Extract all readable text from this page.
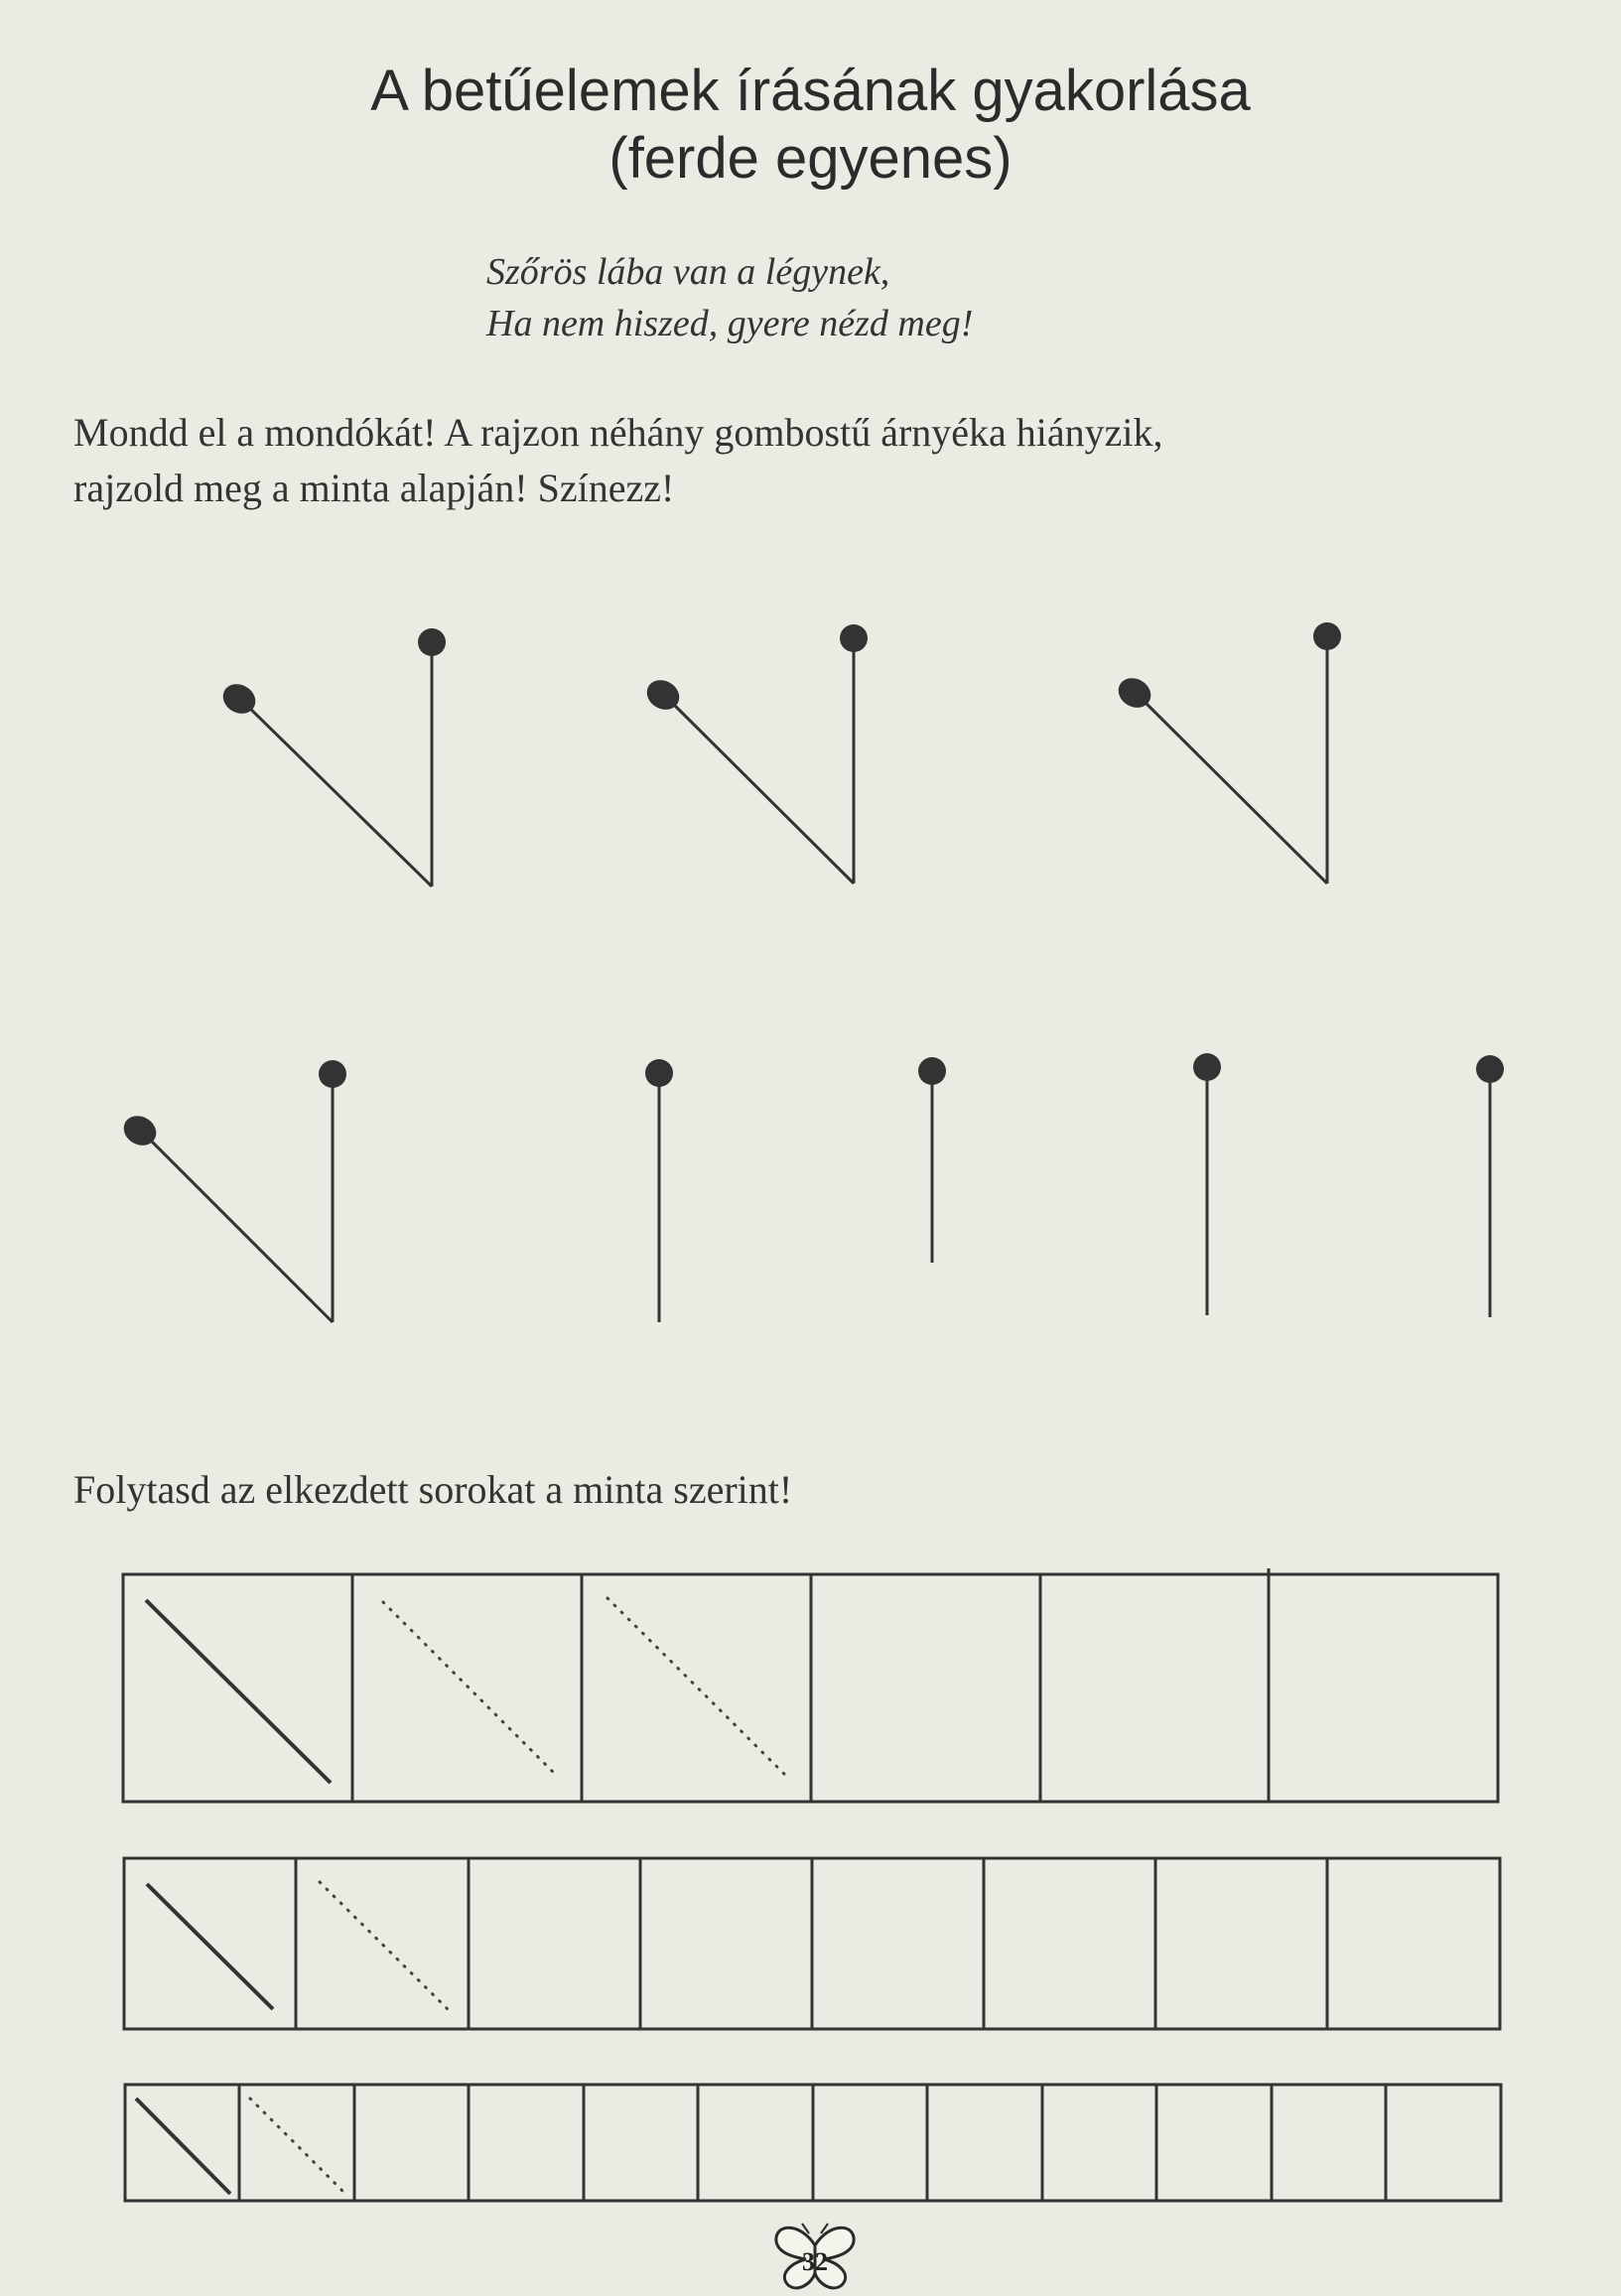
A betűelemek írásának gyakorlása
(ferde egyenes)
Szőrös lába van a légynek,
Ha nem hiszed, gyere nézd meg!
Mondd el a mondókát! A rajzon néhány gombostű árnyéka hiányzik,
rajzold meg a minta alapján! Színezz!
Folytasd az elkezdett sorokat a minta szerint!
32
